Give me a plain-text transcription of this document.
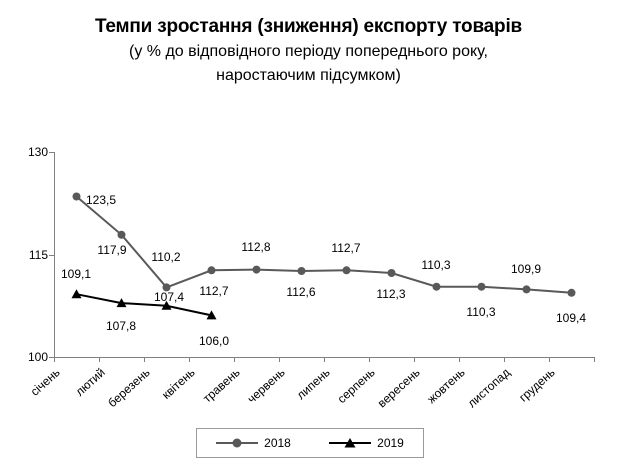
Темпи зростання (зниження) експорту товарів
(у % до відповідного періоду попереднього року,
наростаючим підсумком)
130
115
100
123,5
117,9 110,2
112,7
112,8
112,6
112,7
112,3
110,3
110,3
109,9
109,4
109,1
107,8
107,4
106,0
січень лютий
березень квітень травень червень липень серпень
вересень жовтень
листопад грудень
2018	2019
